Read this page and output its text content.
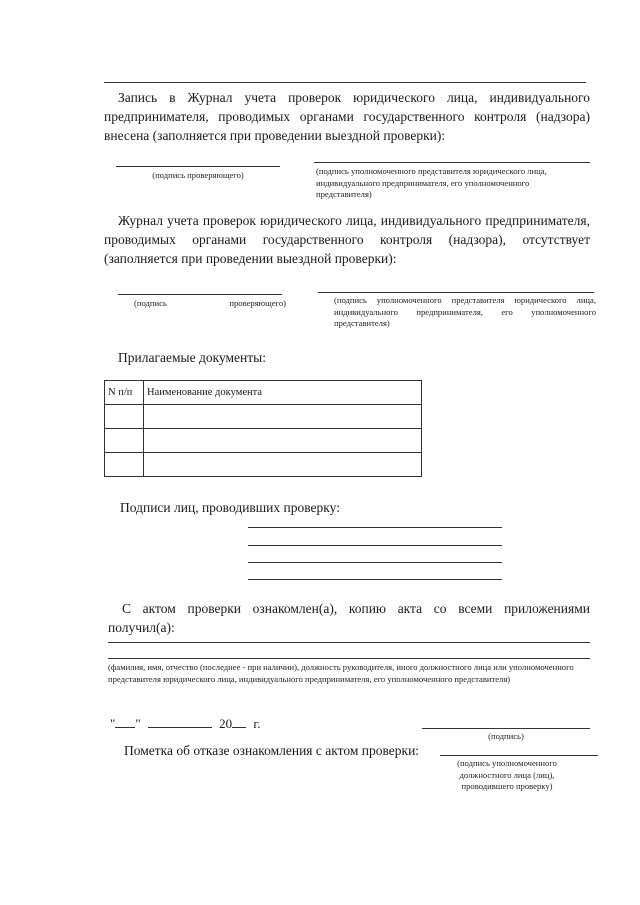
Запись в Журнал учета проверок юридического лица, индивидуального предпринимателя, проводимых органами государственного контроля (надзора) внесена (заполняется при проведении выездной проверки):
(подпись проверяющего)	(подпись уполномоченного представителя юридического лица, индивидуального предпринимателя, его уполномоченного представителя)
Журнал учета проверок юридического лица, индивидуального предпринимателя, проводимых органами государственного контроля (надзора), отсутствует (заполняется при проведении выездной проверки):
(подпись проверяющего)	(подпись уполномоченного представителя юридического лица, индивидуального предпринимателя, его уполномоченного представителя)
Прилагаемые документы:
N п/п	Наименование документа

Подписи лиц, проводивших проверку:
С актом проверки ознакомлен(а), копию акта со всеми приложениями получил(а):
(фамилия, имя, отчество (последнее - при наличии), должность руководителя, иного должностного лица или уполномоченного представителя юридического лица, индивидуального предпринимателя, его уполномоченного представителя)
" "	20 г.
(подпись)
Пометка об отказе ознакомления с актом проверки:
(подпись уполномоченного должностного лица (лиц), проводившего проверку)
